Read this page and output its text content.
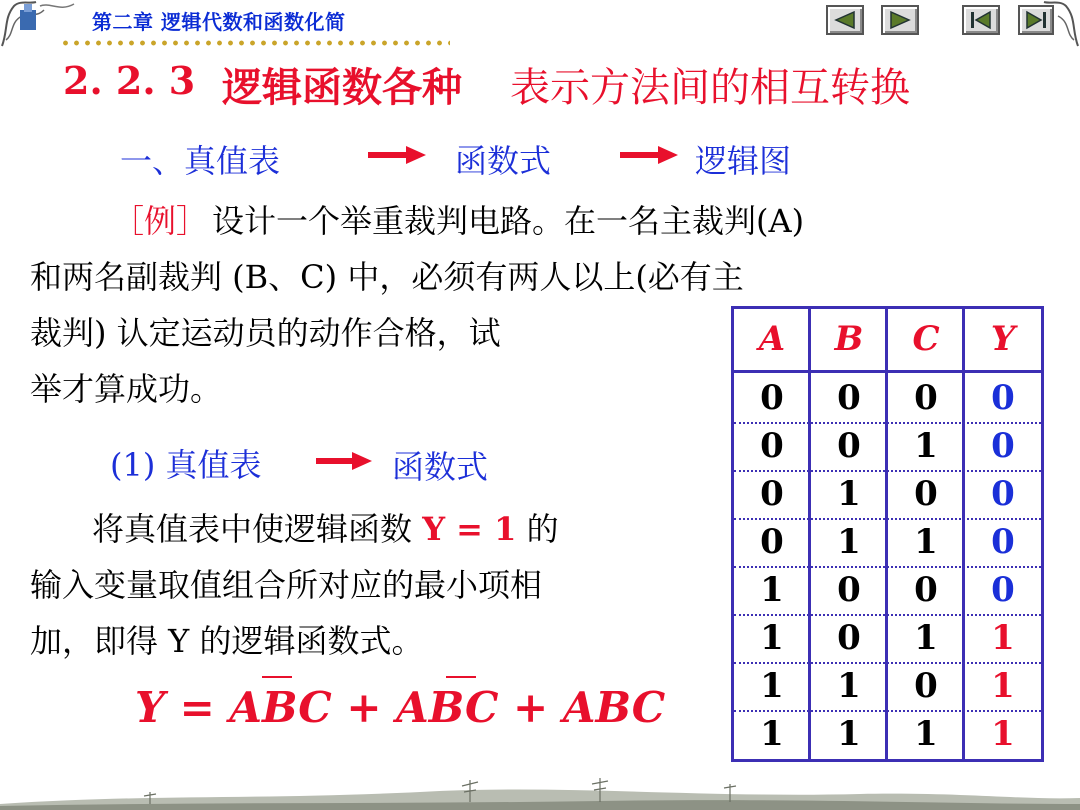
第二章 逻辑代数和函数化简
2. 2. 3 逻辑函数各种 表示方法间的相互转换
一、真值表	函数式	逻辑图
［例］ 设计一个举重裁判电路。在一名主裁判(A)
和两名副裁判 (B、C) 中，必须有两人以上(必有主
裁判) 认定运动员的动作合格，试
举才算成功。
(1) 真值表	函数式
将真值表中使逻辑函数 Y = 1 的
输入变量取值组合所对应的最小项相
加，即得 Y 的逻辑函数式。
Y = ABC + ABC + ABC
A	B	C	Y
0	0	0	0
0	0	1	0
0	1	0	0
0	1	1	0
1	0	0	0
1	0	1	1
1	1	0	1
1	1	1	1
